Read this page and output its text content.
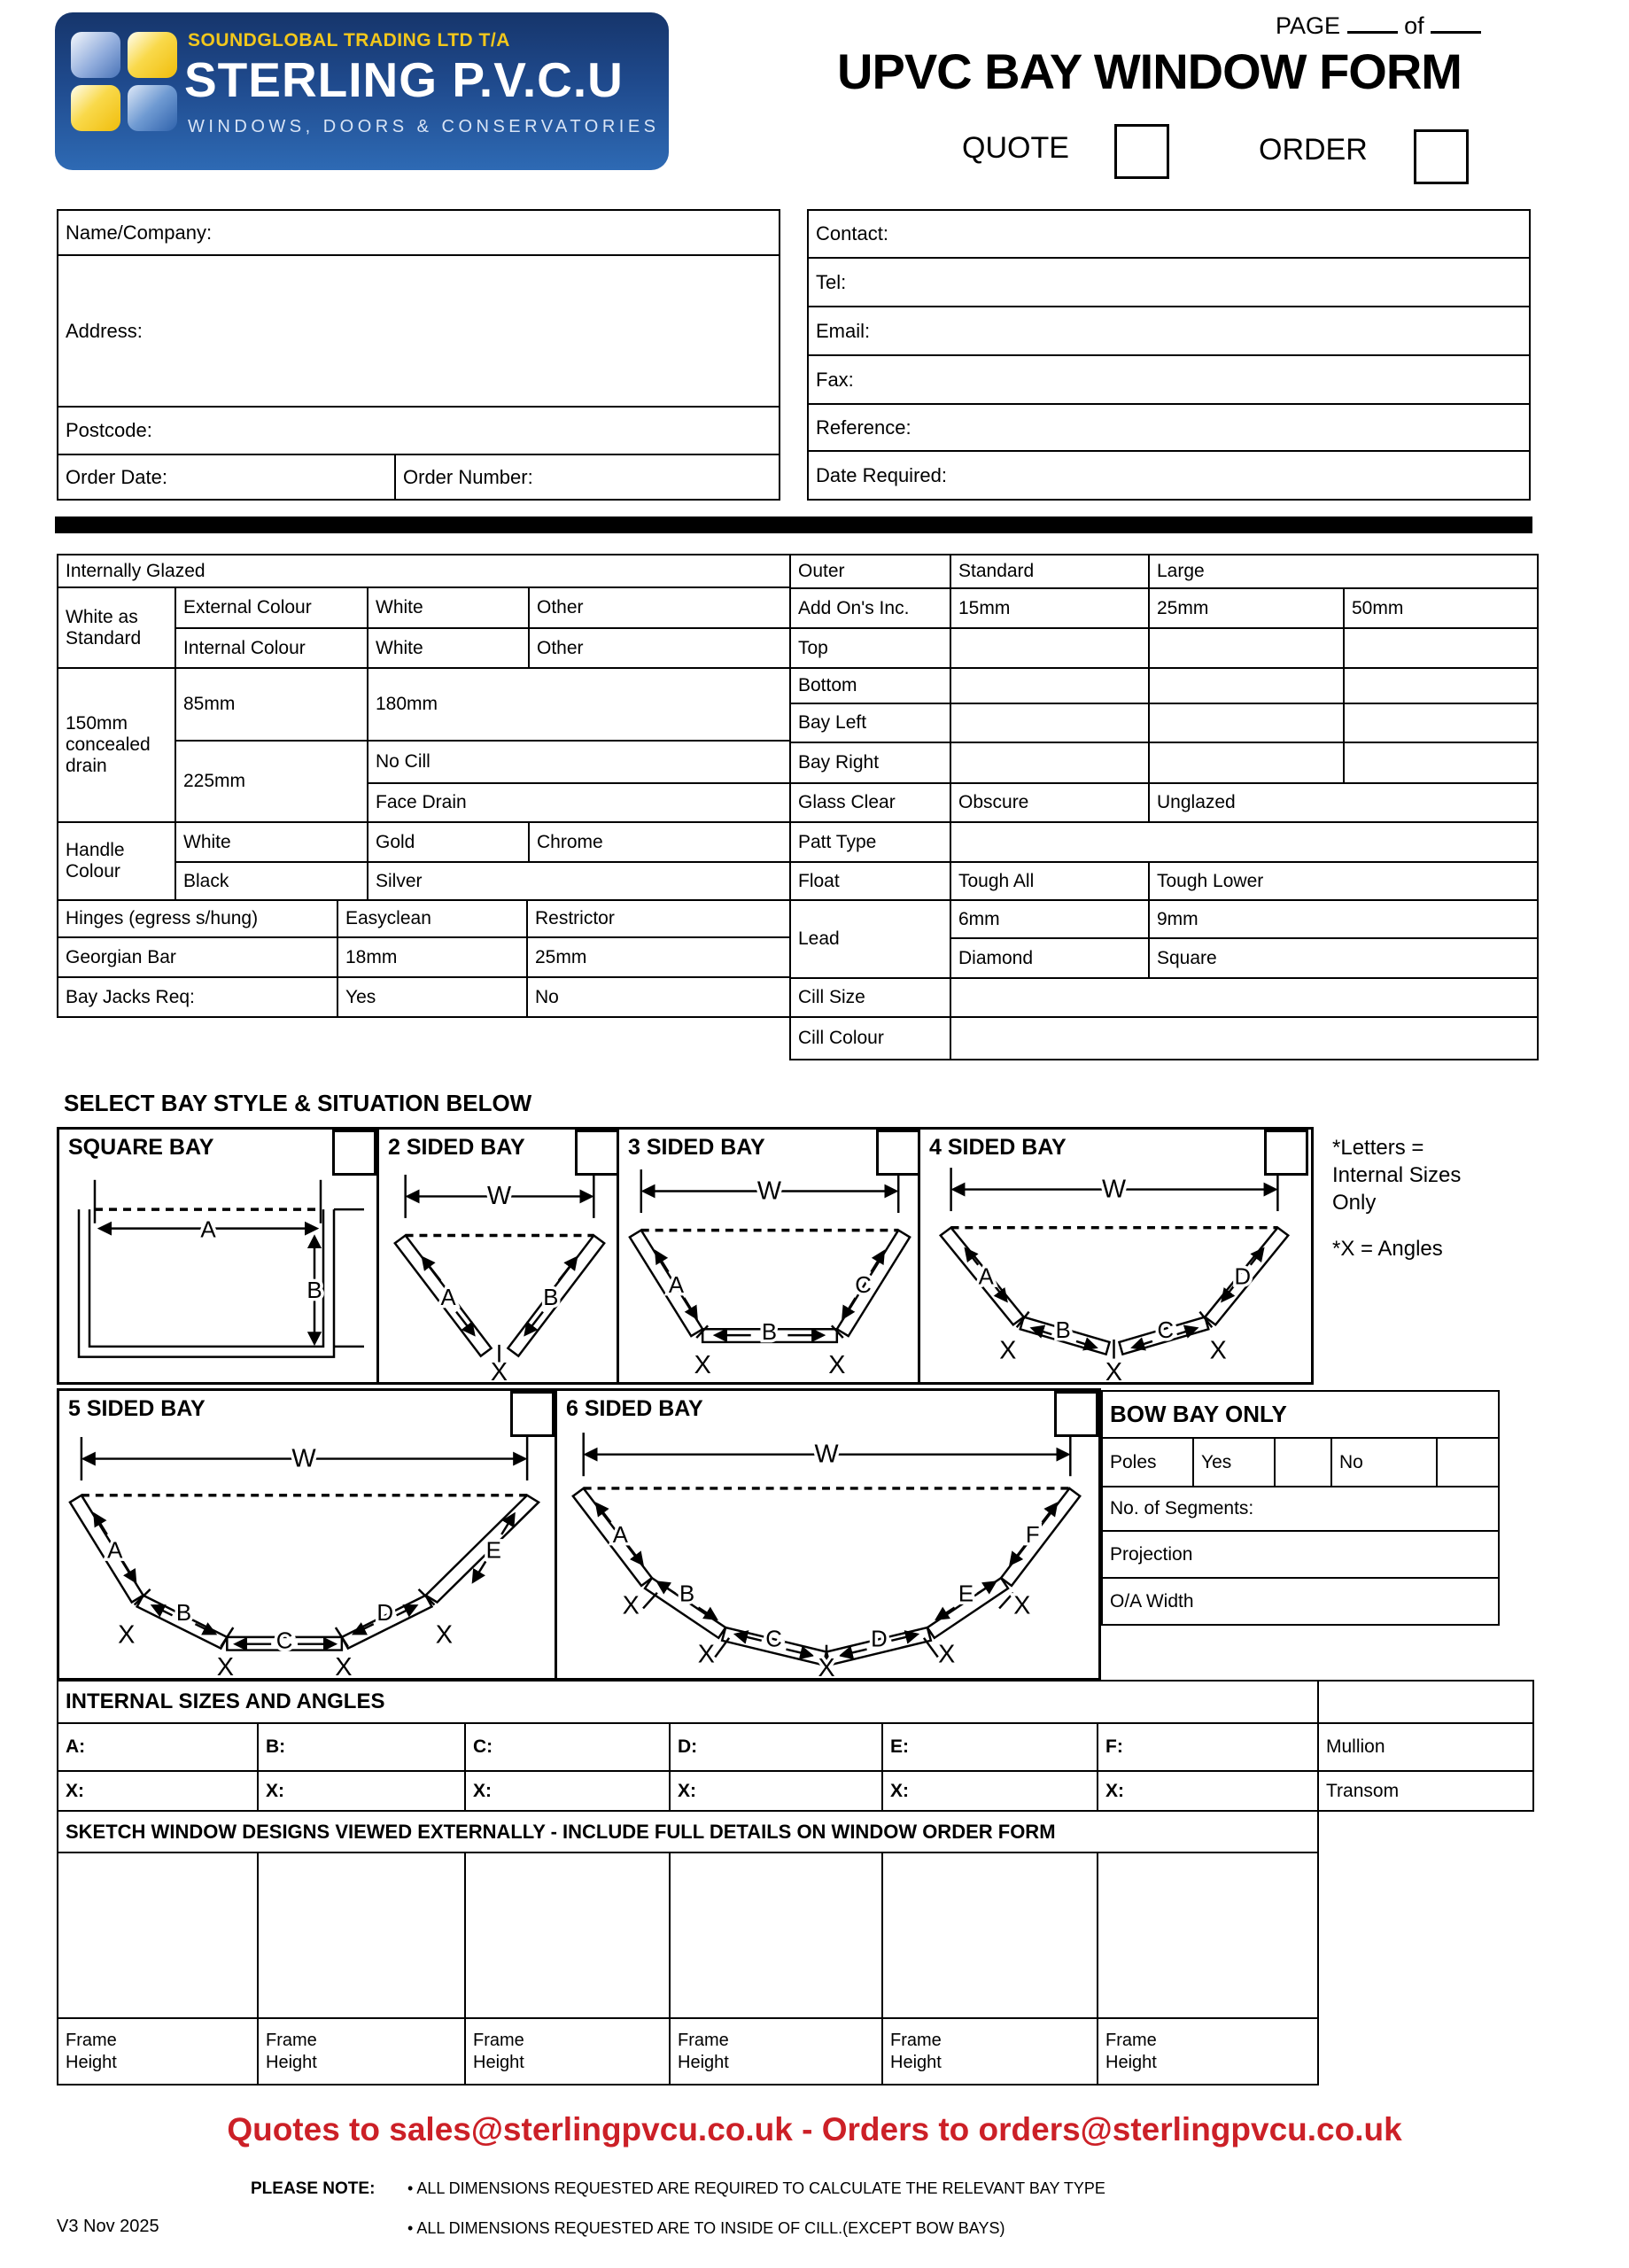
SOUNDGLOBAL TRADING LTD T/A
STERLING P.V.C.U
WINDOWS, DOORS & CONSERVATORIES
PAGE	of
UPVC BAY WINDOW FORM
QUOTE	ORDER
Name/Company:
Address:
Postcode:
Order Date:	Order Number:
Contact:
Tel:
Email:
Fax:
Reference:
Date Required:
Internally Glazed			
White as Standard	External Colour	White	Other
	Internal Colour	White	Other
150mm concealed drain	85mm	180mm	
	225mm	No Cill	
		Face Drain	
Handle Colour	White	Gold	Chrome
	Black	Silver	
Hinges (egress s/hung)	Easyclean	Restrictor
Georgian Bar	18mm	25mm
Bay Jacks Req:	Yes	No
Outer	Standard	Large	
Add On's Inc.	15mm	25mm	50mm
Top			
Bottom			
Bay Left			
Bay Right			
Glass Clear	Obscure	Unglazed	
Patt Type			
Float	Tough All	Tough Lower	
Lead	6mm	9mm	
	Diamond	Square	
Cill Size			
Cill Colour			
SELECT BAY STYLE & SITUATION BELOW
A
B
SQUARE BAY
W
A	B
X
2 SIDED BAY
W
A
B
C
X	X
3 SIDED BAY
W
A
B	C
D
X
X
X
4 SIDED BAY	*Letters =
Internal Sizes
Only
*X = Angles
W
A
B
C
D
E
X
X	X
X
5 SIDED BAY
W
A
B
C	D
E
F
X
X	X	X
X
6 SIDED BAY	BOW BAY ONLY
Poles	Yes		No	
No. of Segments:
Projection
O/A Width
INTERNAL SIZES AND ANGLES						
A:	B:	C:	D:	E:	F:	Mullion
X:	X:	X:	X:	X:	X:	Transom
SKETCH WINDOW DESIGNS VIEWED EXTERNALLY - INCLUDE FULL DETAILS ON WINDOW ORDER FORM					

Frame Height	Frame Height	Frame Height	Frame Height	Frame Height	Frame Height
Quotes to sales@sterlingpvcu.co.uk - Orders to orders@sterlingpvcu.co.uk
PLEASE NOTE:	• ALL DIMENSIONS REQUESTED ARE REQUIRED TO CALCULATE THE RELEVANT BAY TYPE
• ALL DIMENSIONS REQUESTED ARE TO INSIDE OF CILL.(EXCEPT BOW BAYS)
V3 Nov 2025
